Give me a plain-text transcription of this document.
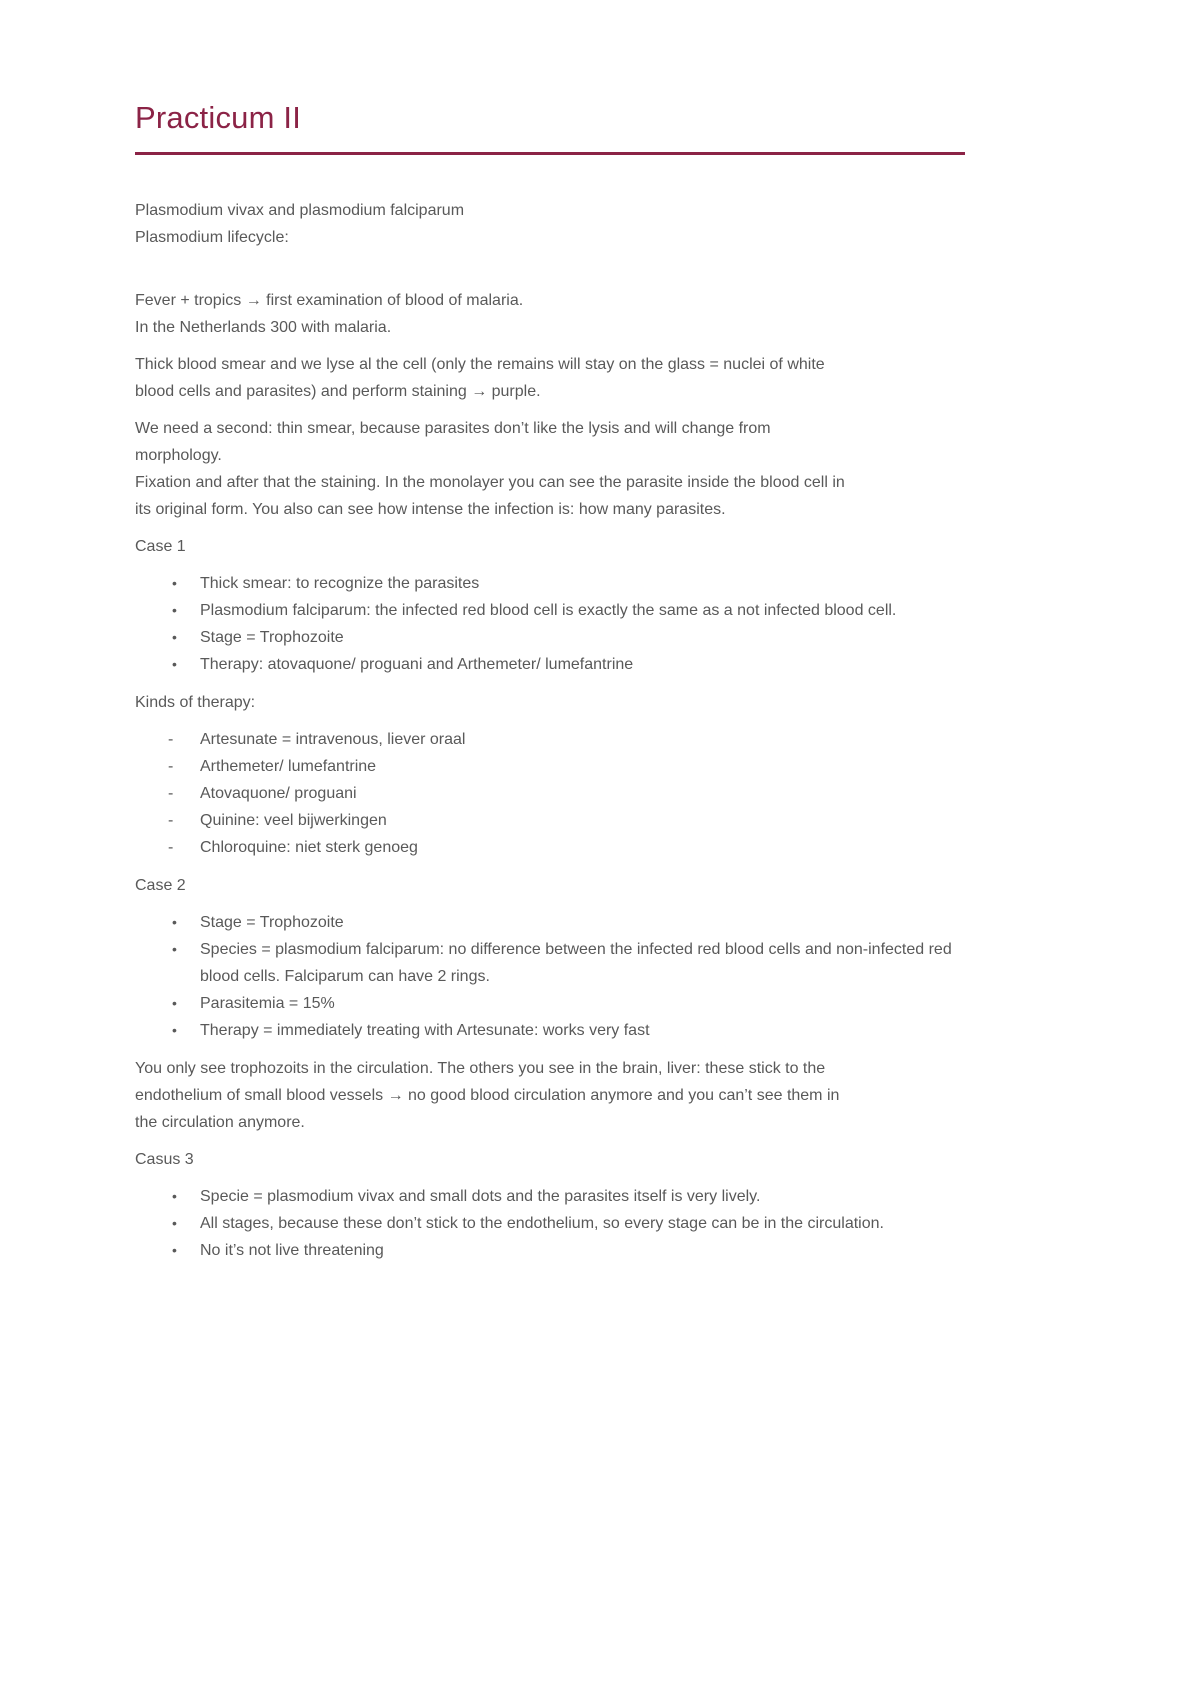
Practicum II

Plasmodium vivax and plasmodium falciparum
Plasmodium lifecycle:

Fever + tropics → first examination of blood of malaria.
In the Netherlands 300 with malaria.

Thick blood smear and we lyse al the cell (only the remains will stay on the glass = nuclei of white
blood cells and parasites) and perform staining → purple.

We need a second: thin smear, because parasites don’t like the lysis and will change from
morphology.
Fixation and after that the staining. In the monolayer you can see the parasite inside the blood cell in
its original form. You also can see how intense the infection is: how many parasites.

Case 1

• Thick smear: to recognize the parasites
• Plasmodium falciparum: the infected red blood cell is exactly the same as a not infected blood cell.
• Stage = Trophozoite
• Therapy: atovaquone/ proguani and Arthemeter/ lumefantrine

Kinds of therapy:

- Artesunate = intravenous, liever oraal
- Arthemeter/ lumefantrine
- Atovaquone/ proguani
- Quinine: veel bijwerkingen
- Chloroquine: niet sterk genoeg

Case 2

• Stage = Trophozoite
• Species = plasmodium falciparum: no difference between the infected red blood cells and non-infected red blood cells. Falciparum can have 2 rings.
• Parasitemia = 15%
• Therapy = immediately treating with Artesunate: works very fast

You only see trophozoits in the circulation. The others you see in the brain, liver: these stick to the
endothelium of small blood vessels → no good blood circulation anymore and you can’t see them in
the circulation anymore.

Casus 3

• Specie = plasmodium vivax and small dots and the parasites itself is very lively.
• All stages, because these don’t stick to the endothelium, so every stage can be in the circulation.
• No it’s not live threatening
